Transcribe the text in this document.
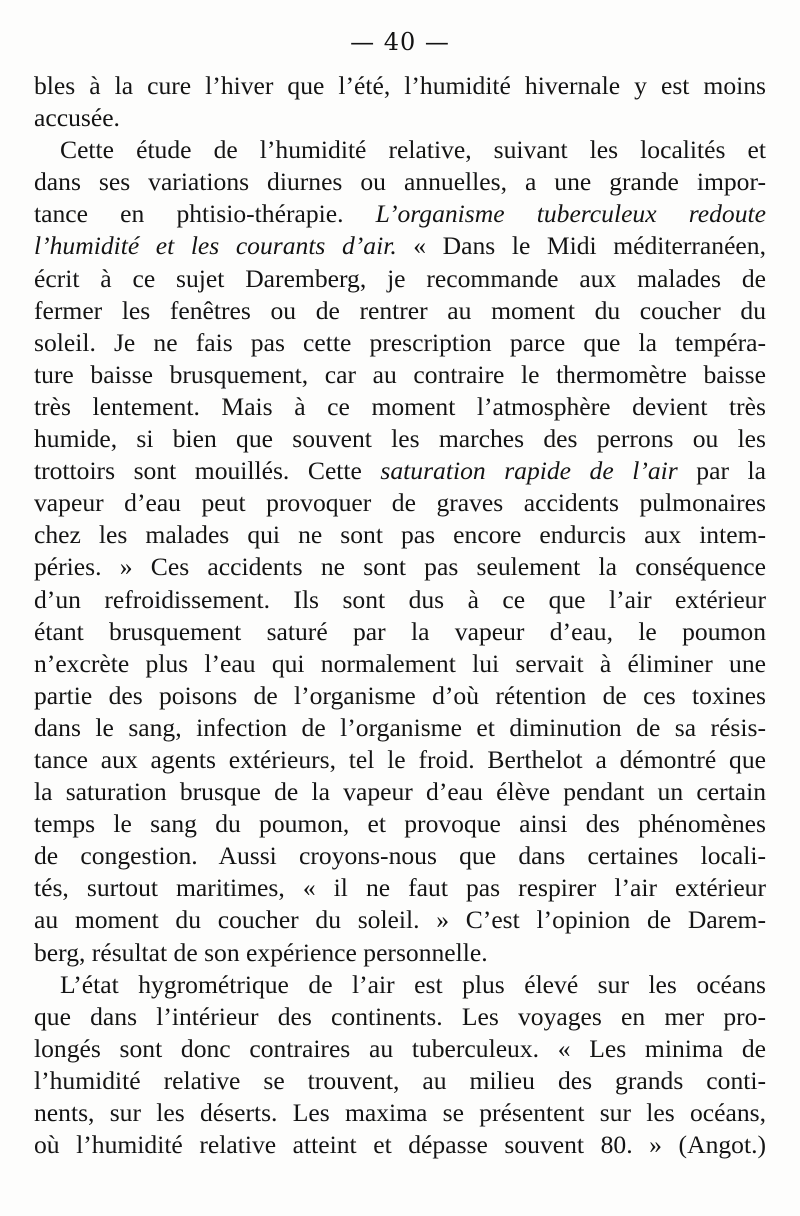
— 40 —
bles à la cure l’hiver que l’été, l’humidité hivernale y est moins
accusée.
Cette étude de l’humidité relative, suivant les localités et
dans ses variations diurnes ou annuelles, a une grande impor-
tance en phtisio-thérapie. L’organisme tuberculeux redoute
l’humidité et les courants d’air. « Dans le Midi méditerranéen,
écrit à ce sujet Daremberg, je recommande aux malades de
fermer les fenêtres ou de rentrer au moment du coucher du
soleil. Je ne fais pas cette prescription parce que la tempéra-
ture baisse brusquement, car au contraire le thermomètre baisse
très lentement. Mais à ce moment l’atmosphère devient très
humide, si bien que souvent les marches des perrons ou les
trottoirs sont mouillés. Cette saturation rapide de l’air par la
vapeur d’eau peut provoquer de graves accidents pulmonaires
chez les malades qui ne sont pas encore endurcis aux intem-
péries. » Ces accidents ne sont pas seulement la conséquence
d’un refroidissement. Ils sont dus à ce que l’air extérieur
étant brusquement saturé par la vapeur d’eau, le poumon
n’excrète plus l’eau qui normalement lui servait à éliminer une
partie des poisons de l’organisme d’où rétention de ces toxines
dans le sang, infection de l’organisme et diminution de sa résis-
tance aux agents extérieurs, tel le froid. Berthelot a démontré que
la saturation brusque de la vapeur d’eau élève pendant un certain
temps le sang du poumon, et provoque ainsi des phénomènes
de congestion. Aussi croyons-nous que dans certaines locali-
tés, surtout maritimes, « il ne faut pas respirer l’air extérieur
au moment du coucher du soleil. » C’est l’opinion de Darem-
berg, résultat de son expérience personnelle.
L’état hygrométrique de l’air est plus élevé sur les océans
que dans l’intérieur des continents. Les voyages en mer pro-
longés sont donc contraires au tuberculeux. « Les minima de
l’humidité relative se trouvent, au milieu des grands conti-
nents, sur les déserts. Les maxima se présentent sur les océans,
où l’humidité relative atteint et dépasse souvent 80. » (Angot.)
